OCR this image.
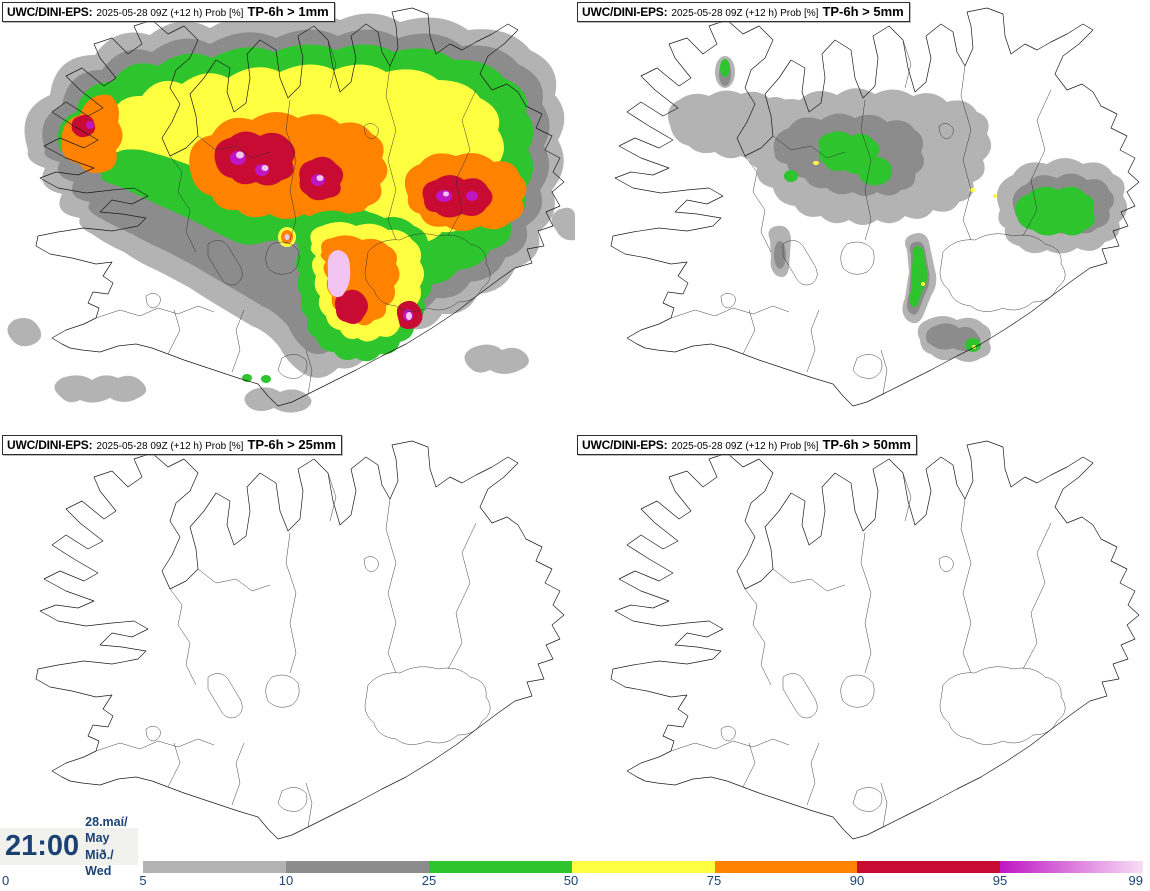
UWC/DINI-EPS: 2025-05-28 09Z (+12 h) Prob [%] TP-6h > 1mm	UWC/DINI-EPS: 2025-05-28 09Z (+12 h) Prob [%] TP-6h > 5mm
UWC/DINI-EPS: 2025-05-28 09Z (+12 h) Prob [%] TP-6h > 25mm	UWC/DINI-EPS: 2025-05-28 09Z (+12 h) Prob [%] TP-6h > 50mm
21:00
28.maí/ May
Mið./ Wed
0	5	10	25	50	75	90	95	99
